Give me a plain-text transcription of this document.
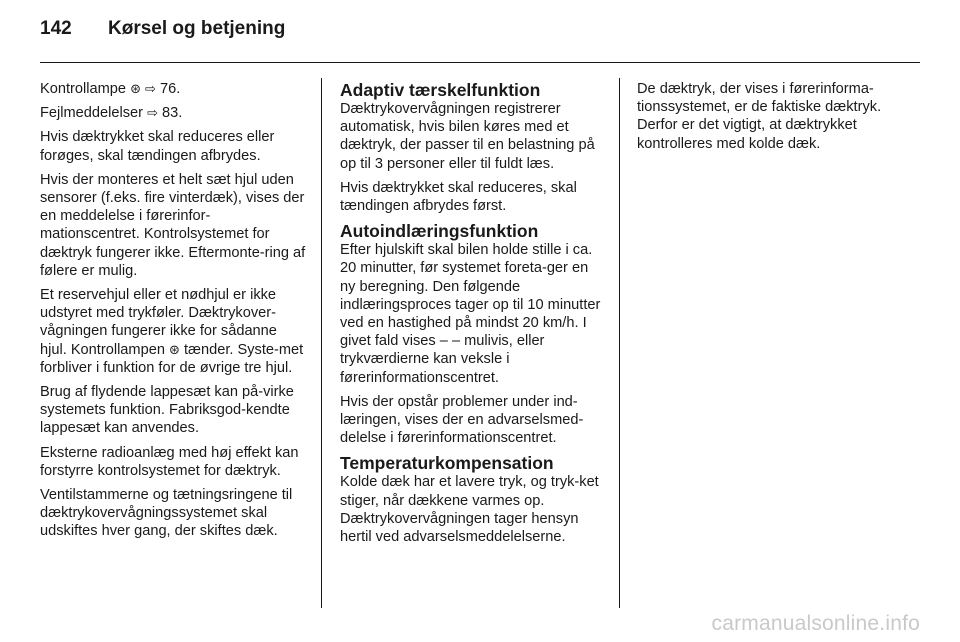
142	Kørsel og betjening

Kontrollampe ⊛ ⇨ 76.

Fejlmeddelelser ⇨ 83.

Hvis dæktrykket skal reduceres eller forøges, skal tændingen afbrydes.

Hvis der monteres et helt sæt hjul uden sensorer (f.eks. fire vinterdæk), vises der en meddelelse i førerinfor-mationscentret. Kontrolsystemet for dæktryk fungerer ikke. Eftermonte-ring af følere er mulig.

Et reservehjul eller et nødhjul er ikke udstyret med trykføler. Dæktrykover-vågningen fungerer ikke for sådanne hjul. Kontrollampen ⊛ tænder. Syste-met forbliver i funktion for de øvrige tre hjul.

Brug af flydende lappesæt kan på-virke systemets funktion. Fabriksgod-kendte lappesæt kan anvendes.

Eksterne radioanlæg med høj effekt kan forstyrre kontrolsystemet for dæktryk.

Ventilstammerne og tætningsringene til dæktrykovervågningssystemet skal udskiftes hver gang, der skiftes dæk.

Adaptiv tærskelfunktion

Dæktrykovervågningen registrerer automatisk, hvis bilen køres med et dæktryk, der passer til en belastning på op til 3 personer eller til fuldt læs.

Hvis dæktrykket skal reduceres, skal tændingen afbrydes først.

Autoindlæringsfunktion

Efter hjulskift skal bilen holde stille i ca. 20 minutter, før systemet foreta-ger en ny beregning. Den følgende indlæringsproces tager op til 10 minutter ved en hastighed på mindst 20 km/h. I givet fald vises – – mulivis, eller trykværdierne kan veksle i førerinformationscentret.

Hvis der opstår problemer under ind-læringen, vises der en advarselsmed-delelse i førerinformationscentret.

Temperaturkompensation

Kolde dæk har et lavere tryk, og tryk-ket stiger, når dækkene varmes op. Dæktrykovervågningen tager hensyn hertil ved advarselsmeddelelserne.

De dæktryk, der vises i førerinforma-tionssystemet, er de faktiske dæktryk. Derfor er det vigtigt, at dæktrykket kontrolleres med kolde dæk.

carmanualsonline.info
